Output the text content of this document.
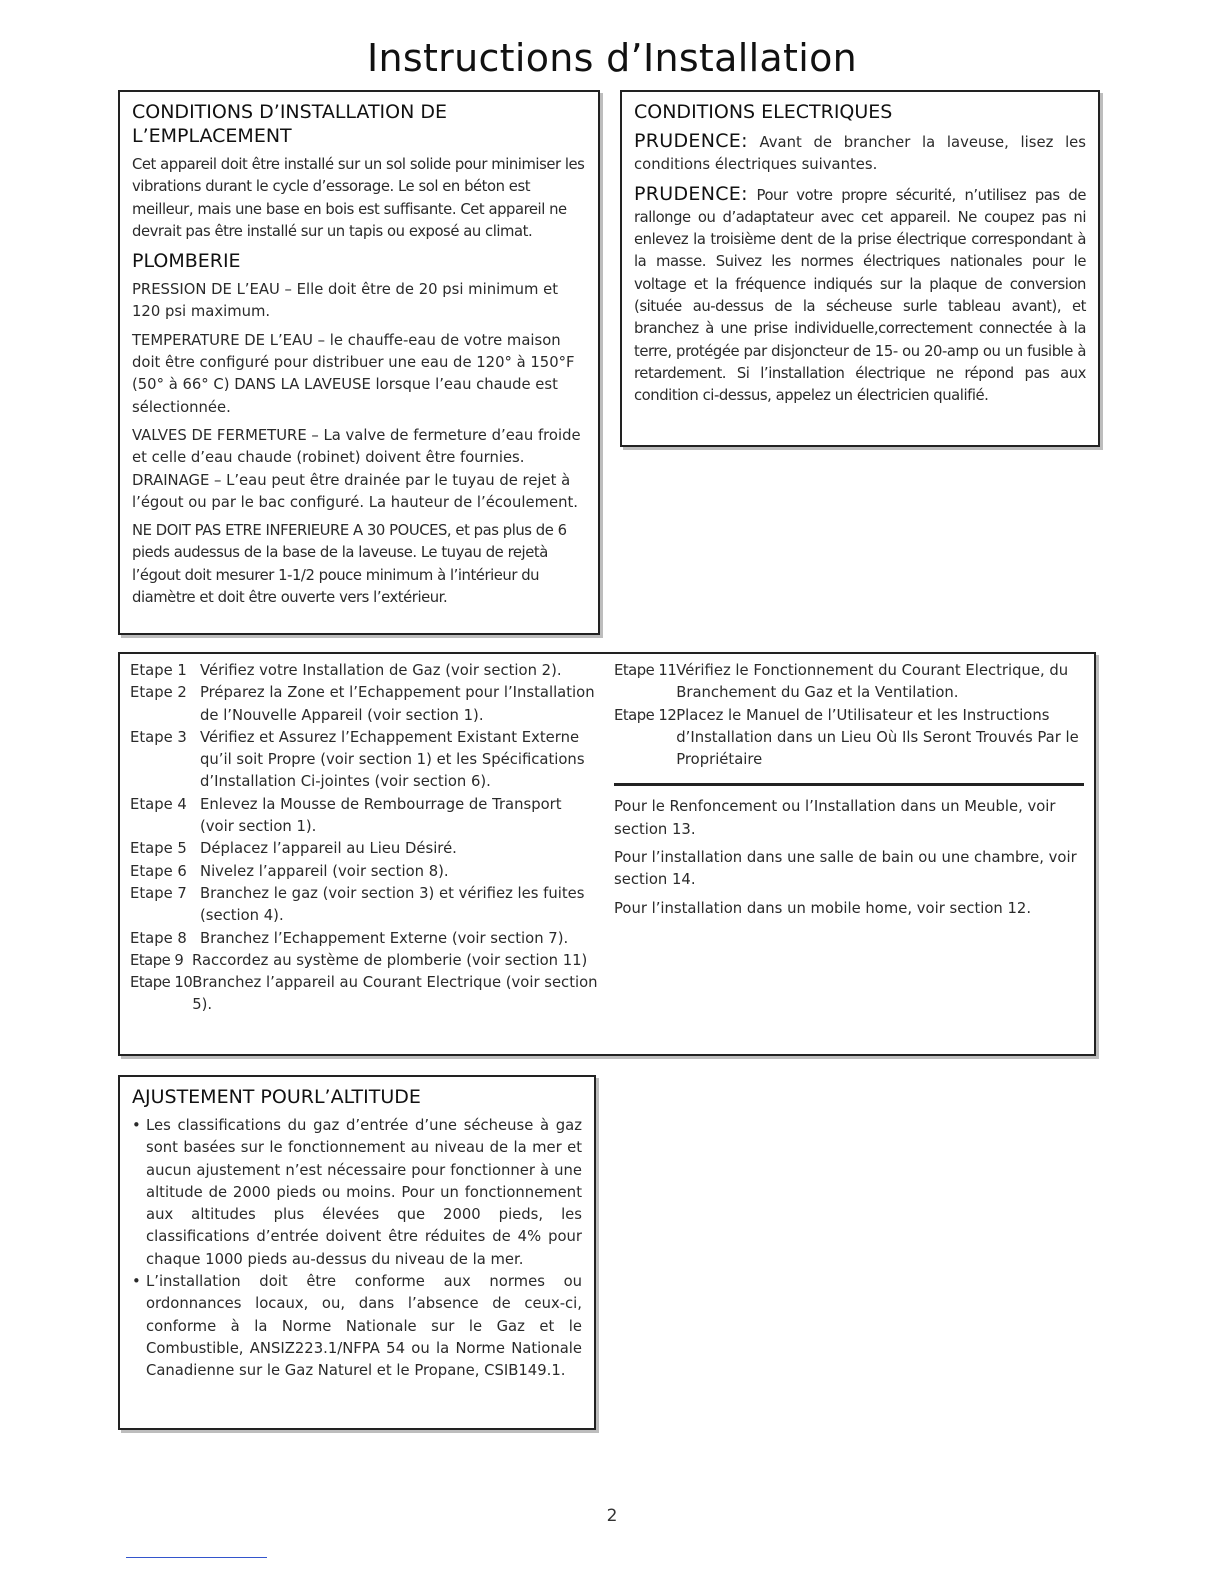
Instructions d’Installation
CONDITIONS D’INSTALLATION DE L’EMPLACEMENT

Cet appareil doit être installé sur un sol solide pour minimiser les vibrations durant le cycle d’essorage. Le sol en béton est meilleur, mais une base en bois est suffisante. Cet appareil ne devrait pas être installé sur un tapis ou exposé au climat.

PLOMBERIE

PRESSION DE L’EAU – Elle doit être de 20 psi minimum et 120 psi maximum.

TEMPERATURE DE L’EAU – le chauffe-eau de votre maison doit être configuré pour distribuer une eau de 120° à 150°F (50° à 66° C) DANS LA LAVEUSE lorsque l’eau chaude est sélectionnée.

VALVES DE FERMETURE – La valve de fermeture d’eau froide et celle d’eau chaude (robinet) doivent être fournies. DRAINAGE – L’eau peut être drainée par le tuyau de rejet à l’égout ou par le bac configuré. La hauteur de l’écoulement.

NE DOIT PAS ETRE INFERIEURE A 30 POUCES, et pas plus de 6 pieds audessus de la base de la laveuse. Le tuyau de rejetà l’égout doit mesurer 1-1/2 pouce minimum à l’intérieur du diamètre et doit être ouverte vers l’extérieur.

CONDITIONS ELECTRIQUES

PRUDENCE: Avant de brancher la laveuse, lisez les conditions électriques suivantes.

PRUDENCE: Pour votre propre sécurité, n’utilisez pas de rallonge ou d’adaptateur avec cet appareil. Ne coupez pas ni enlevez la troisième dent de la prise électrique correspondant à la masse. Suivez les normes électriques nationales pour le voltage et la fréquence indiqués sur la plaque de conversion (située au-dessus de la sécheuse surle tableau avant), et branchez à une prise individuelle,correctement connectée à la terre, protégée par disjoncteur de 15- ou 20-amp ou un fusible à retardement. Si l’installation électrique ne répond pas aux condition ci-dessus, appelez un électricien qualifié.

Etape 1 Vérifiez votre Installation de Gaz (voir section 2).
Etape 2 Préparez la Zone et l’Echappement pour l’Installation de l’Nouvelle Appareil (voir section 1).
Etape 3 Vérifiez et Assurez l’Echappement Existant Externe qu’il soit Propre (voir section 1) et les Spécifications d’Installation Ci-jointes (voir section 6).
Etape 4 Enlevez la Mousse de Rembourrage de Transport (voir section 1).
Etape 5 Déplacez l’appareil au Lieu Désiré.
Etape 6 Nivelez l’appareil (voir section 8).
Etape 7 Branchez le gaz (voir section 3) et vérifiez les fuites (section 4).
Etape 8 Branchez l’Echappement Externe (voir section 7).
Etape 9 Raccordez au système de plomberie (voir section 11)
Etape 10 Branchez l’appareil au Courant Electrique (voir section 5).
Etape 11 Vérifiez le Fonctionnement du Courant Electrique, du Branchement du Gaz et la Ventilation.
Etape 12 Placez le Manuel de l’Utilisateur et les Instructions d’Installation dans un Lieu Où Ils Seront Trouvés Par le Propriétaire

Pour le Renfoncement ou l’Installation dans un Meuble, voir section 13.

Pour l’installation dans une salle de bain ou une chambre, voir section 14.

Pour l’installation dans un mobile home, voir section 12.

AJUSTEMENT POURL’ALTITUDE
• Les classifications du gaz d’entrée d’une sécheuse à gaz sont basées sur le fonctionnement au niveau de la mer et aucun ajustement n’est nécessaire pour fonctionner à une altitude de 2000 pieds ou moins. Pour un fonctionnement aux altitudes plus élevées que 2000 pieds, les classifications d’entrée doivent être réduites de 4% pour chaque 1000 pieds au-dessus du niveau de la mer.
• L’installation doit être conforme aux normes ou ordonnances locaux, ou, dans l’absence de ceux-ci, conforme à la Norme Nationale sur le Gaz et le Combustible, ANSIZ223.1/NFPA 54 ou la Norme Nationale Canadienne sur le Gaz Naturel et le Propane, CSIB149.1.
2
